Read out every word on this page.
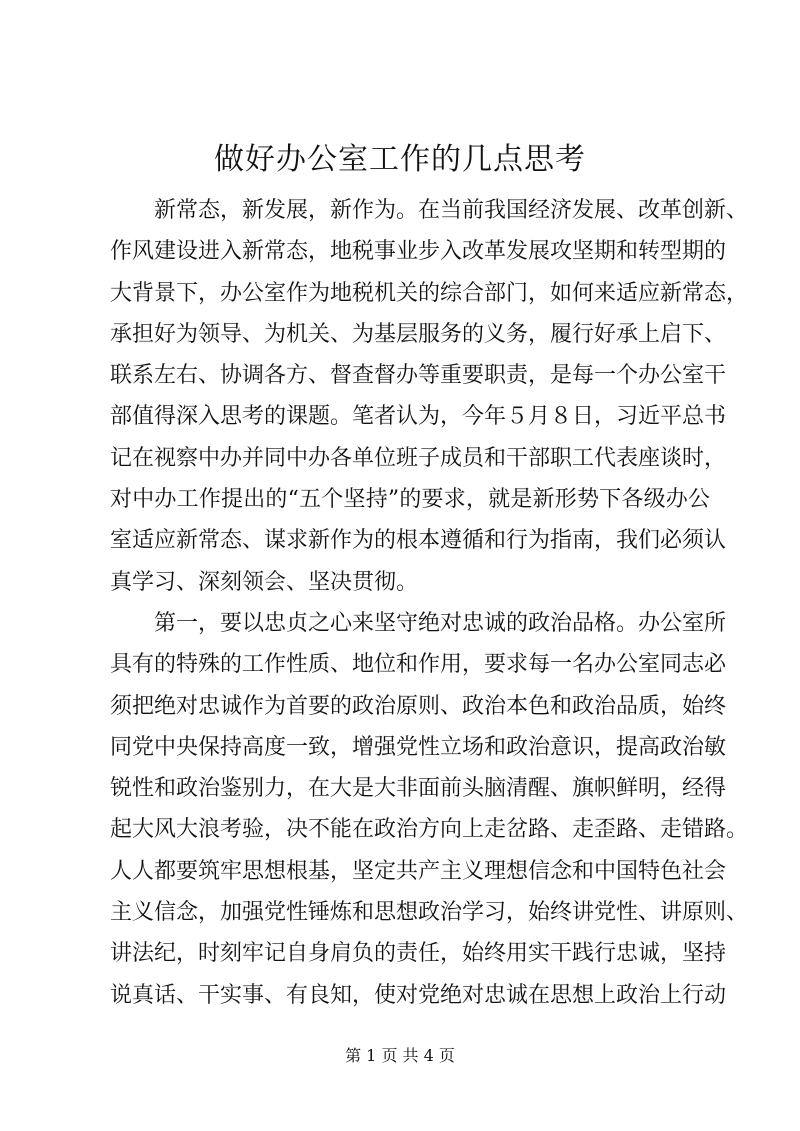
做好办公室工作的几点思考
新常态，新发展，新作为。在当前我国经济发展、改革创新、
作风建设进入新常态，地税事业步入改革发展攻坚期和转型期的
大背景下，办公室作为地税机关的综合部门，如何来适应新常态，
承担好为领导、为机关、为基层服务的义务，履行好承上启下、
联系左右、协调各方、督查督办等重要职责，是每一个办公室干
部值得深入思考的课题。笔者认为，今年５月８日，习近平总书
记在视察中办并同中办各单位班子成员和干部职工代表座谈时，
对中办工作提出的“五个坚持”的要求，就是新形势下各级办公
室适应新常态、谋求新作为的根本遵循和行为指南，我们必须认
真学习、深刻领会、坚决贯彻。
第一，要以忠贞之心来坚守绝对忠诚的政治品格。办公室所
具有的特殊的工作性质、地位和作用，要求每一名办公室同志必
须把绝对忠诚作为首要的政治原则、政治本色和政治品质，始终
同党中央保持高度一致，增强党性立场和政治意识，提高政治敏
锐性和政治鉴别力，在大是大非面前头脑清醒、旗帜鲜明，经得
起大风大浪考验，决不能在政治方向上走岔路、走歪路、走错路。
人人都要筑牢思想根基，坚定共产主义理想信念和中国特色社会
主义信念，加强党性锤炼和思想政治学习，始终讲党性、讲原则、
讲法纪，时刻牢记自身肩负的责任，始终用实干践行忠诚，坚持
说真话、干实事、有良知，使对党绝对忠诚在思想上政治上行动
第 1 页 共 4 页
